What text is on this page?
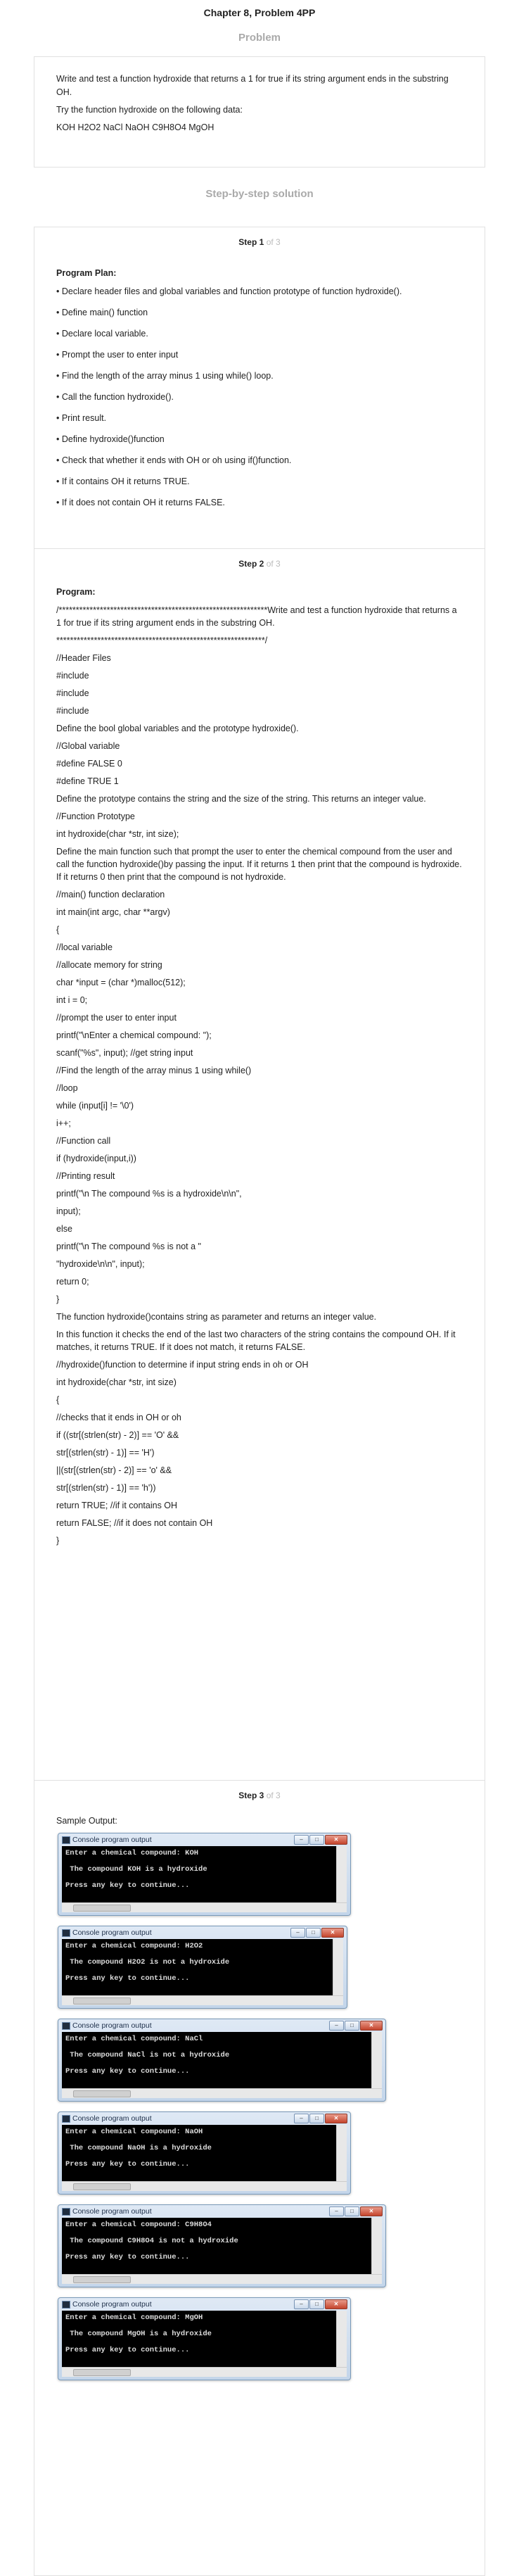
Chapter 8, Problem 4PP
Problem

Write and test a function hydroxide that returns a 1 for true if its string argument ends in the substring OH.

Try the function hydroxide on the following data:

KOH H2O2 NaCl NaOH C9H8O4 MgOH

Step-by-step solution
Step 1 of 3
Program Plan:
• Declare header files and global variables and function prototype of function hydroxide().
• Define main() function
• Declare local variable.
• Prompt the user to enter input
• Find the length of the array minus 1 using while() loop.
• Call the function hydroxide().
• Print result.
• Define hydroxide()function
• Check that whether it ends with OH or oh using if()function.
• If it contains OH it returns TRUE.
• If it does not contain OH it returns FALSE.
Step 2 of 3
Program:
/*************************************************************Write and test a function hydroxide that returns a 1 for true if its string argument ends in the substring OH.
*************************************************************/
//Header Files
#include
#include
#include
Define the bool global variables and the prototype hydroxide().
//Global variable
#define FALSE 0
#define TRUE 1
Define the prototype contains the string and the size of the string. This returns an integer value.
//Function Prototype
int hydroxide(char *str, int size);
Define the main function such that prompt the user to enter the chemical compound from the user and call the function hydroxide()by passing the input. If it returns 1 then print that the compound is hydroxide. If it returns 0 then print that the compound is not hydroxide.
//main() function declaration
int main(int argc, char **argv)
{
//local variable
//allocate memory for string
char *input = (char *)malloc(512);
int i = 0;
//prompt the user to enter input
printf("\nEnter a chemical compound: ");
scanf("%s", input); //get string input
//Find the length of the array minus 1 using while()
//loop
while (input[i] != '\0')
i++;
//Function call
if (hydroxide(input,i))
//Printing result
printf("\n The compound %s is a hydroxide\n\n",
input);
else
printf("\n The compound %s is not a "
"hydroxide\n\n", input);
return 0;
}
The function hydroxide()contains string as parameter and returns an integer value.
In this function it checks the end of the last two characters of the string contains the compound OH. If it matches, it returns TRUE. If it does not match, it returns FALSE.
//hydroxide()function to determine if input string ends in oh or OH
int hydroxide(char *str, int size)
{
//checks that it ends in OH or oh
if ((str[(strlen(str) - 2)] == 'O' &&
str[(strlen(str) - 1)] == 'H')
||(str[(strlen(str) - 2)] == 'o' &&
str[(strlen(str) - 1)] == 'h'))
return TRUE; //if it contains OH
return FALSE; //if it does not contain OH
}
Step 3 of 3
Sample Output:
Console program output	–	□	✕
Enter a chemical compound: KOH
The compound KOH is a hydroxide
Press any key to continue...
Console program output	–	□	✕
Enter a chemical compound: H2O2
The compound H2O2 is not a hydroxide
Press any key to continue...
Console program output	–	□	✕
Enter a chemical compound: NaCl
The compound NaCl is not a hydroxide
Press any key to continue...
Console program output	–	□	✕
Enter a chemical compound: NaOH
The compound NaOH is a hydroxide
Press any key to continue...
Console program output	–	□	✕
Enter a chemical compound: C9H8O4
The compound C9H8O4 is not a hydroxide
Press any key to continue...
Console program output	–	□	✕
Enter a chemical compound: MgOH
The compound MgOH is a hydroxide
Press any key to continue...
